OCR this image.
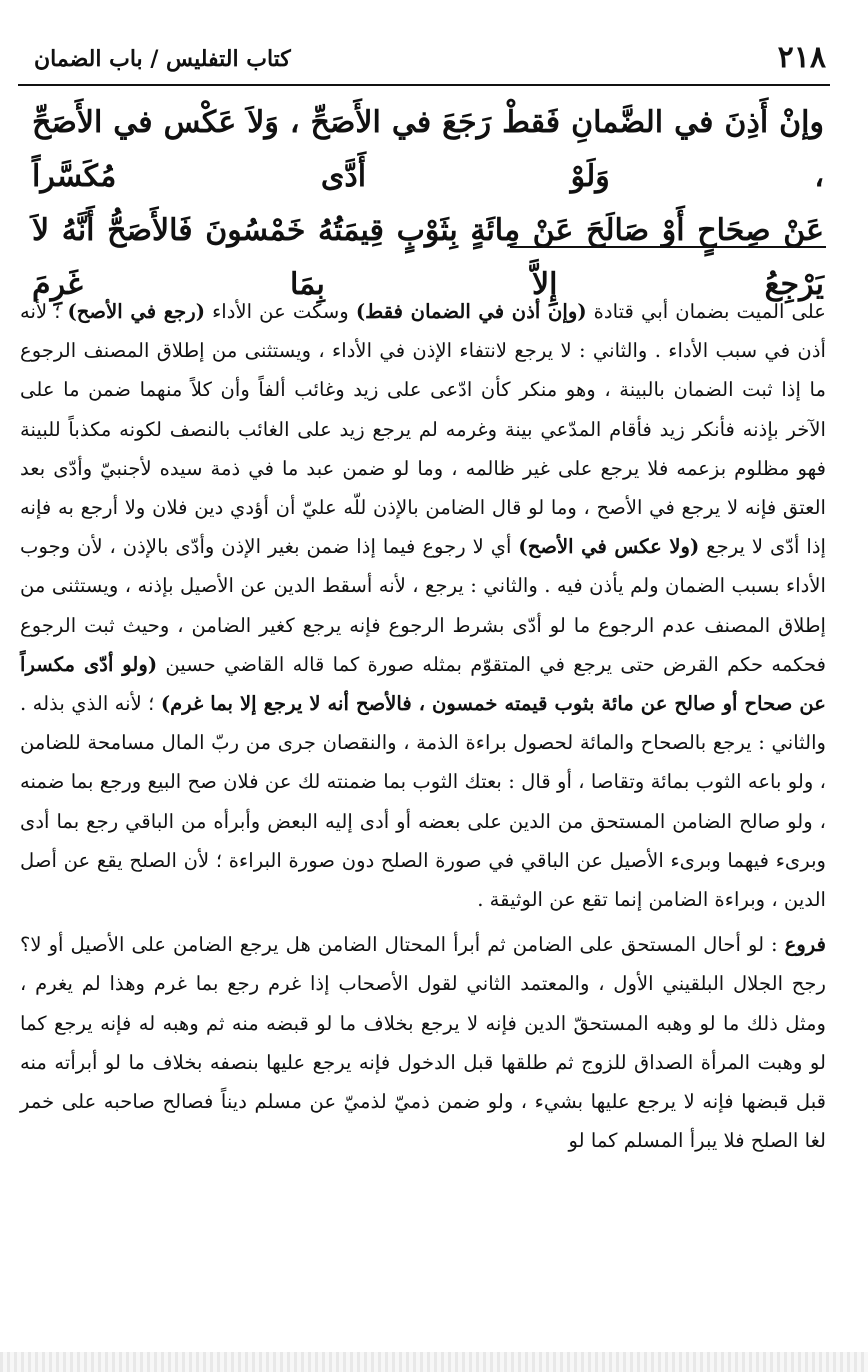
٢١٨
كتاب التفليس / باب الضمان

وإنْ أَذِنَ في الضَّمانِ فَقطْ رَجَعَ في الأَصَحِّ ، وَلاَ عَكْس في الأَصَحِّ ، وَلَوْ أَدَّى مُكَسَّراً

عَنْ صِحَاحٍ أَوْ صَالَحَ عَنْ مِائَةٍ بِثَوْبٍ قِيمَتُهُ خَمْسُونَ فَالأَصَحُّ أَنَّهُ لاَ يَرْجِعُ إِلاَّ بِمَا غَرِمَ

على الميت بضمان أبي قتادة (وإن أذن في الضمان فقط) وسكت عن الأداء (رجع في الأصح) ؛ لأنه أذن في سبب الأداء . والثاني : لا يرجع لانتفاء الإذن في الأداء ، ويستثنى من إطلاق المصنف الرجوع ما إذا ثبت الضمان بالبينة ، وهو منكر كأن ادّعى على زيد وغائب ألفاً وأن كلاً منهما ضمن ما على الآخر بإذنه فأنكر زيد فأقام المدّعي بينة وغرمه لم يرجع زيد على الغائب بالنصف لكونه مكذباً للبينة فهو مظلوم بزعمه فلا يرجع على غير ظالمه ، وما لو ضمن عبد ما في ذمة سيده لأجنبيّ وأدّى بعد العتق فإنه لا يرجع في الأصح ، وما لو قال الضامن بالإذن للّه عليّ أن أؤدي دين فلان ولا أرجع به فإنه إذا أدّى لا يرجع (ولا عكس في الأصح) أي لا رجوع فيما إذا ضمن بغير الإذن وأدّى بالإذن ، لأن وجوب الأداء بسبب الضمان ولم يأذن فيه . والثاني : يرجع ، لأنه أسقط الدين عن الأصيل بإذنه ، ويستثنى من إطلاق المصنف عدم الرجوع ما لو أدّى بشرط الرجوع فإنه يرجع كغير الضامن ، وحيث ثبت الرجوع فحكمه حكم القرض حتى يرجع في المتقوّم بمثله صورة كما قاله القاضي حسين (ولو أدّى مكسراً عن صحاح أو صالح عن مائة بثوب قيمته خمسون ، فالأصح أنه لا يرجع إلا بما غرم) ؛ لأنه الذي بذله . والثاني : يرجع بالصحاح والمائة لحصول براءة الذمة ، والنقصان جرى من ربّ المال مسامحة للضامن ، ولو باعه الثوب بمائة وتقاصا ، أو قال : بعتك الثوب بما ضمنته لك عن فلان صح البيع ورجع بما ضمنه ، ولو صالح الضامن المستحق من الدين على بعضه أو أدى إليه البعض وأبرأه من الباقي رجع بما أدى وبرىء فيهما وبرىء الأصيل عن الباقي في صورة الصلح دون صورة البراءة ؛ لأن الصلح يقع عن أصل الدين ، وبراءة الضامن إنما تقع عن الوثيقة .

فروع : لو أحال المستحق على الضامن ثم أبرأ المحتال الضامن هل يرجع الضامن على الأصيل أو لا؟ رجح الجلال البلقيني الأول ، والمعتمد الثاني لقول الأصحاب إذا غرم رجع بما غرم وهذا لم يغرم ، ومثل ذلك ما لو وهبه المستحقّ الدين فإنه لا يرجع بخلاف ما لو قبضه منه ثم وهبه له فإنه يرجع كما لو وهبت المرأة الصداق للزوج ثم طلقها قبل الدخول فإنه يرجع عليها بنصفه بخلاف ما لو أبرأته منه قبل قبضها فإنه لا يرجع عليها بشيء ، ولو ضمن ذميّ لذميّ عن مسلم ديناً فصالح صاحبه على خمر لغا الصلح فلا يبرأ المسلم كما لو
